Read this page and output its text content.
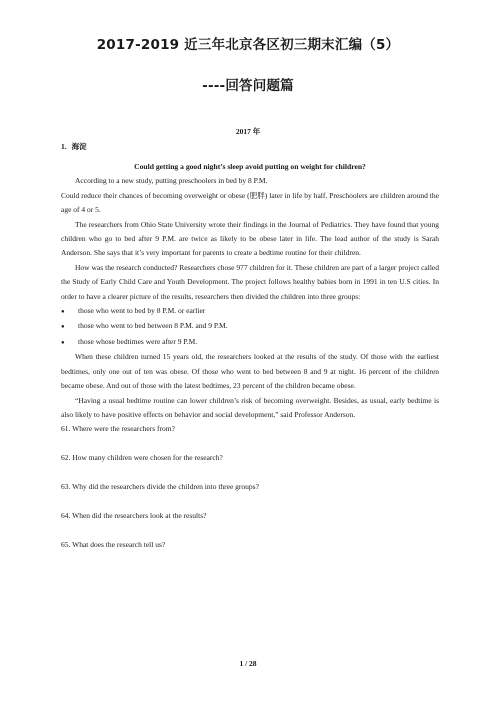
2017-2019 近三年北京各区初三期末汇编（5）
----回答问题篇
2017 年
1. 海淀

Could getting a good night’s sleep avoid putting on weight for children?

According to a new study, putting preschoolers in bed by 8 P.M.

Could reduce their chances of becoming overweight or obese (肥胖) later in life by half. Preschoolers are children around the age of 4 or 5.

The researchers from Ohio State University wrote their findings in the Journal of Pediatrics. They have found that young children who go to bed after 9 P.M. are twice as likely to be obese later in life. The lead author of the study is Sarah Anderson. She says that it’s very important for parents to create a bedtime routine for their children.

How was the research conducted? Researchers chose 977 children for it. These children are part of a larger project called the Study of Early Child Care and Youth Development. The project follows healthy babies born in 1991 in ten U.S cities. In order to have a clearer picture of the results, researchers then divided the children into three groups:

●	those who went to bed by 8 P.M. or earlier
●	those who went to bed between 8 P.M. and 9 P.M.
●	those whose bedtimes were after 9 P.M.

When these children turned 15 years old, the researchers looked at the results of the study. Of those with the earliest bedtimes, only one out of ten was obese. Of those who went to bed between 8 and 9 at night. 16 percent of the children became obese. And out of those with the latest bedtimes, 23 percent of the children became obese.

“Having a usual bedtime routine can lower children’s risk of becoming overweight. Besides, as usual, early bedtime is also likely to have positive effects on behavior and social development,” said Professor Anderson.

61. Where were the researchers from?

62. How many children were chosen for the research?

63. Why did the researchers divide the children into three groups?

64. When did the researchers look at the results?

65. What does the research tell us?

1 / 28
